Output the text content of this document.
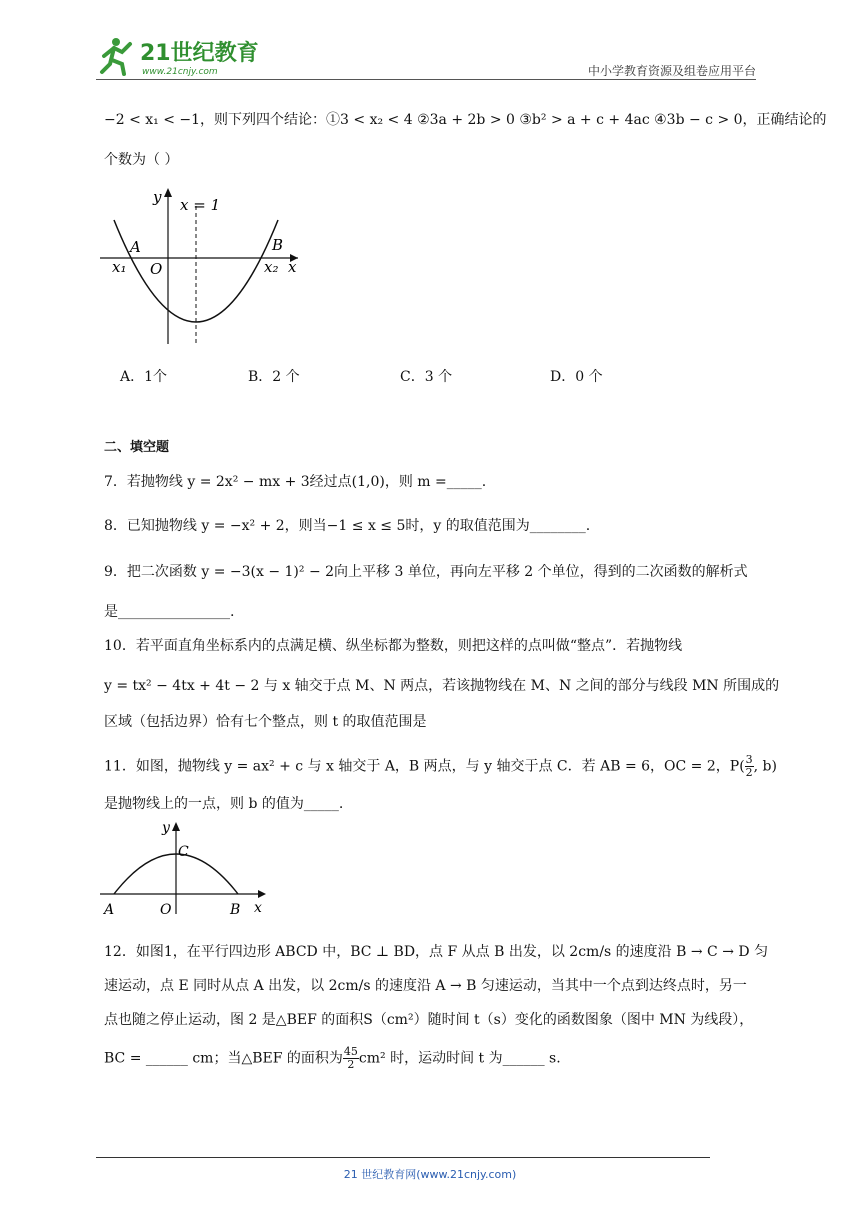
21世纪教育
www.21cnjy.com	中小学教育资源及组卷应用平台
−2 < x₁ < −1，则下列四个结论：①3 < x₂ < 4 ②3a + 2b > 0 ③b² > a + c + 4ac ④3b − c > 0，正确结论的
个数为（ ）
y x = 1
A	B
x₁ O	x₂ x
A．1个	B．2 个	C．3 个	D．0 个
二、填空题
7．若抛物线 y = 2x² − mx + 3经过点(1,0)，则 m =_____.
8．已知抛物线 y = −x² + 2，则当−1 ≤ x ≤ 5时，y 的取值范围为________.
9．把二次函数 y = −3(x − 1)² − 2向上平移 3 单位，再向左平移 2 个单位，得到的二次函数的解析式
是________________.
10．若平面直角坐标系内的点满足横、纵坐标都为整数，则把这样的点叫做“整点”．若抛物线
y = tx² − 4tx + 4t − 2 与 x 轴交于点 M、N 两点，若该抛物线在 M、N 之间的部分与线段 MN 所围成的
区域（包括边界）恰有七个整点，则 t 的取值范围是
11．如图，抛物线 y = ax² + c 与 x 轴交于 A，B 两点，与 y 轴交于点 C．若 AB = 6，OC = 2，$P( \frac{3}{2}$ , b)
是抛物线上的一点，则 b 的值为_____.
y
C
A	O	B x
12．如图1，在平行四边形 ABCD 中，BC ⊥ BD，点 F 从点 B 出发，以 2cm/s 的速度沿 B → C → D 匀
速运动，点 E 同时从点 A 出发，以 2cm/s 的速度沿 A → B 匀速运动，当其中一个点到达终点时，另一
点也随之停止运动，图 2 是△BEF 的面积S（cm²）随时间 t（s）变化的函数图象（图中 MN 为线段），
BC = ______ cm；当△BEF 的面积为 $\frac{45}{2} cm^2$ 时，运动时间 t 为______ s.
21 世纪教育网(www.21cnjy.com)
